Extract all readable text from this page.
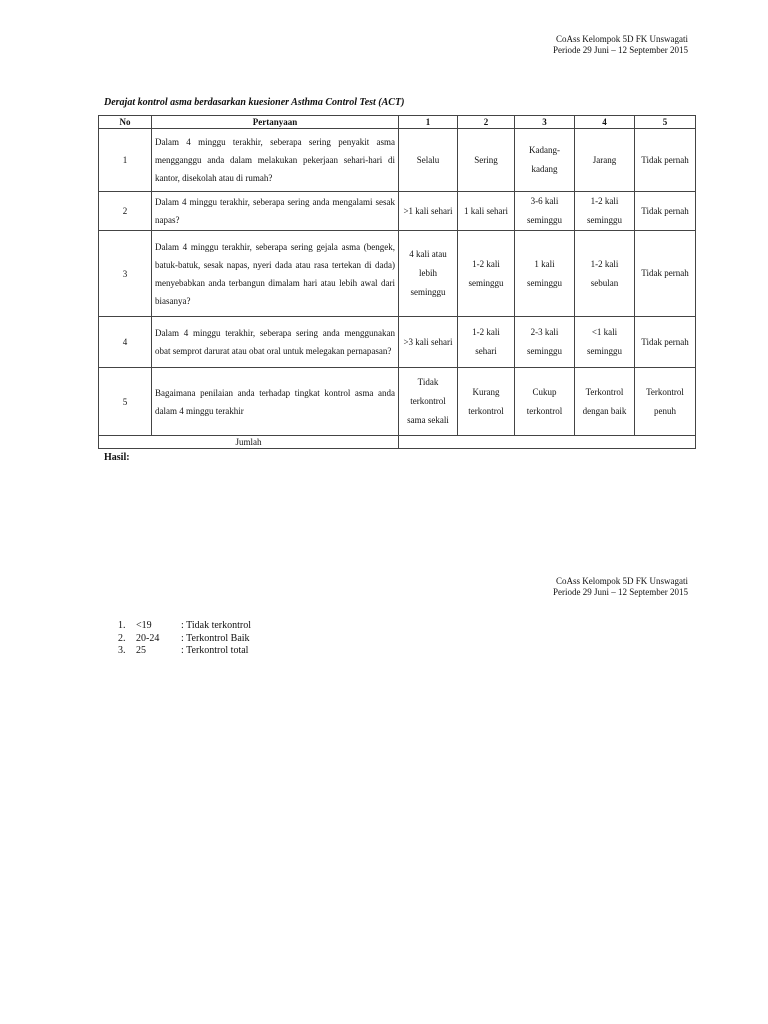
CoAss Kelompok 5D FK Unswagati
Periode 29 Juni – 12 September 2015
Derajat kontrol asma berdasarkan kuesioner Asthma Control Test (ACT)
No	Pertanyaan	1	2	3	4	5
1	Dalam 4 minggu terakhir, seberapa sering penyakit asma mengganggu anda dalam melakukan pekerjaan sehari-hari di kantor, disekolah atau di rumah?	Selalu	Sering	Kadang-kadang	Jarang	Tidak pernah
2	Dalam 4 minggu terakhir, seberapa sering anda mengalami sesak napas?	>1 kali sehari	1 kali sehari	3-6 kali seminggu	1-2 kali seminggu	Tidak pernah
3	Dalam 4 minggu terakhir, seberapa sering gejala asma (bengek, batuk-batuk, sesak napas, nyeri dada atau rasa tertekan di dada) menyebabkan anda terbangun dimalam hari atau lebih awal dari biasanya?	4 kali atau lebih seminggu	1-2 kali seminggu	1 kali seminggu	1-2 kali sebulan	Tidak pernah
4	Dalam 4 minggu terakhir, seberapa sering anda menggunakan obat semprot darurat atau obat oral untuk melegakan pernapasan?	>3 kali sehari	1-2 kali sehari	2-3 kali seminggu	<1 kali seminggu	Tidak pernah
5	Bagaimana penilaian anda terhadap tingkat kontrol asma anda dalam 4 minggu terakhir	Tidak terkontrol sama sekali	Kurang terkontrol	Cukup terkontrol	Terkontrol dengan baik	Terkontrol penuh
Jumlah						
Hasil:
CoAss Kelompok 5D FK Unswagati
Periode 29 Juni – 12 September 2015
1.	<19	: Tidak terkontrol
2.	20-24	: Terkontrol Baik
3.	25	: Terkontrol total
